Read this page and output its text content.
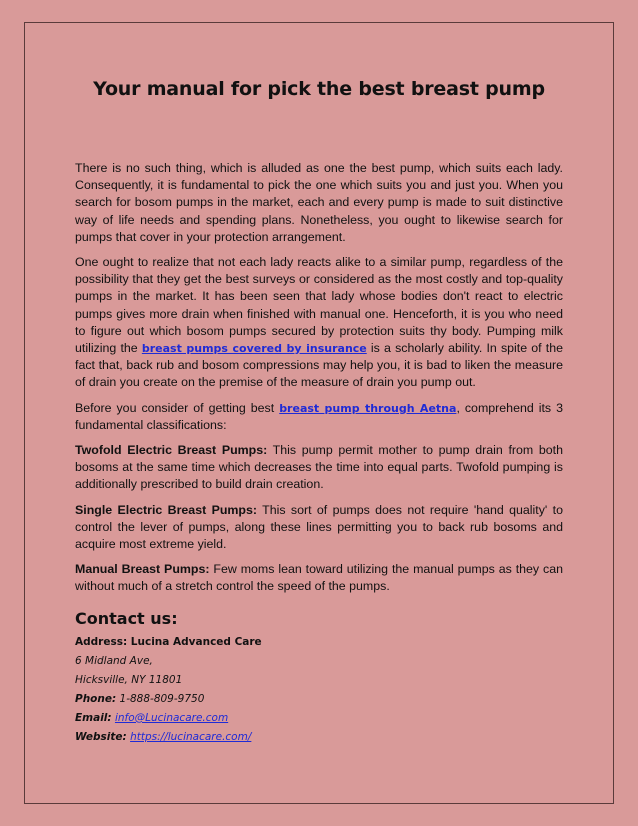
Your manual for pick the best breast pump

There is no such thing, which is alluded as one the best pump, which suits each lady. Consequently, it is fundamental to pick the one which suits you and just you. When you search for bosom pumps in the market, each and every pump is made to suit distinctive way of life needs and spending plans. Nonetheless, you ought to likewise search for pumps that cover in your protection arrangement.

One ought to realize that not each lady reacts alike to a similar pump, regardless of the possibility that they get the best surveys or considered as the most costly and top-quality pumps in the market. It has been seen that lady whose bodies don't react to electric pumps gives more drain when finished with manual one. Henceforth, it is you who need to figure out which bosom pumps secured by protection suits thy body. Pumping milk utilizing the breast pumps covered by insurance is a scholarly ability. In spite of the fact that, back rub and bosom compressions may help you, it is bad to liken the measure of drain you create on the premise of the measure of drain you pump out.

Before you consider of getting best breast pump through Aetna, comprehend its 3 fundamental classifications:

Twofold Electric Breast Pumps: This pump permit mother to pump drain from both bosoms at the same time which decreases the time into equal parts. Twofold pumping is additionally prescribed to build drain creation.

Single Electric Breast Pumps: This sort of pumps does not require 'hand quality' to control the lever of pumps, along these lines permitting you to back rub bosoms and acquire most extreme yield.

Manual Breast Pumps: Few moms lean toward utilizing the manual pumps as they can without much of a stretch control the speed of the pumps.

Contact us:
Address: Lucina Advanced Care
6 Midland Ave,
Hicksville, NY 11801
Phone: 1-888-809-9750
Email: info@Lucinacare.com
Website: https://lucinacare.com/
